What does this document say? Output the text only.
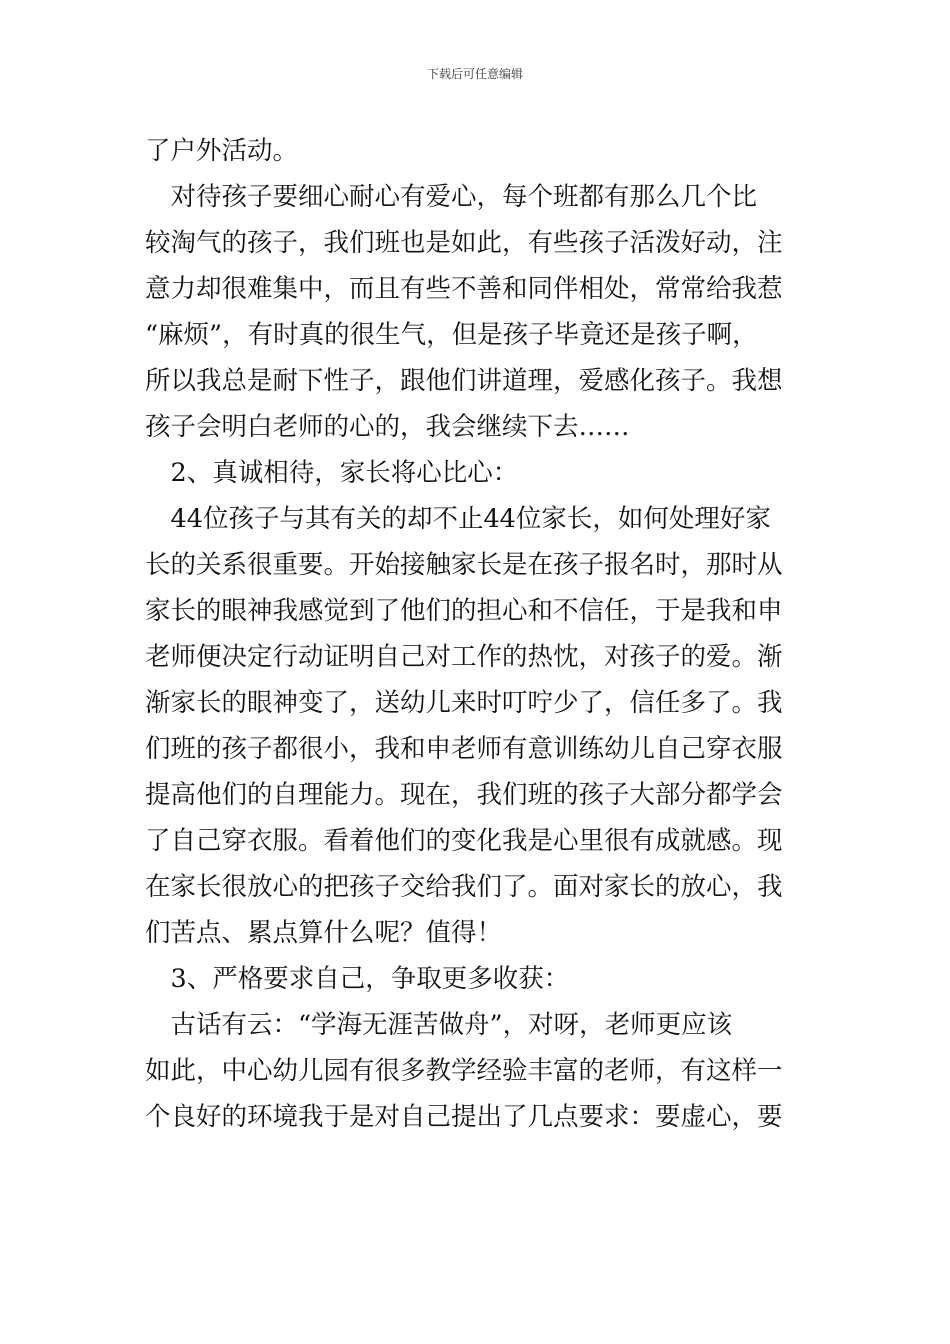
下载后可任意编辑
了户外活动。
　对待孩子要细心耐心有爱心，每个班都有那么几个比
较淘气的孩子，我们班也是如此，有些孩子活泼好动，注
意力却很难集中，而且有些不善和同伴相处，常常给我惹
“麻烦”，有时真的很生气，但是孩子毕竟还是孩子啊，
所以我总是耐下性子，跟他们讲道理，爱感化孩子。我想
孩子会明白老师的心的，我会继续下去……
　2、真诚相待，家长将心比心：
　44位孩子与其有关的却不止44位家长，如何处理好家
长的关系很重要。开始接触家长是在孩子报名时，那时从
家长的眼神我感觉到了他们的担心和不信任，于是我和申
老师便决定行动证明自己对工作的热忱，对孩子的爱。渐
渐家长的眼神变了，送幼儿来时叮咛少了，信任多了。我
们班的孩子都很小，我和申老师有意训练幼儿自己穿衣服
提高他们的自理能力。现在，我们班的孩子大部分都学会
了自己穿衣服。看着他们的变化我是心里很有成就感。现
在家长很放心的把孩子交给我们了。面对家长的放心，我
们苦点、累点算什么呢？值得！
　3、严格要求自己，争取更多收获：
　古话有云：“学海无涯苦做舟”，对呀，老师更应该
如此，中心幼儿园有很多教学经验丰富的老师，有这样一
个良好的环境我于是对自己提出了几点要求：要虚心，要
